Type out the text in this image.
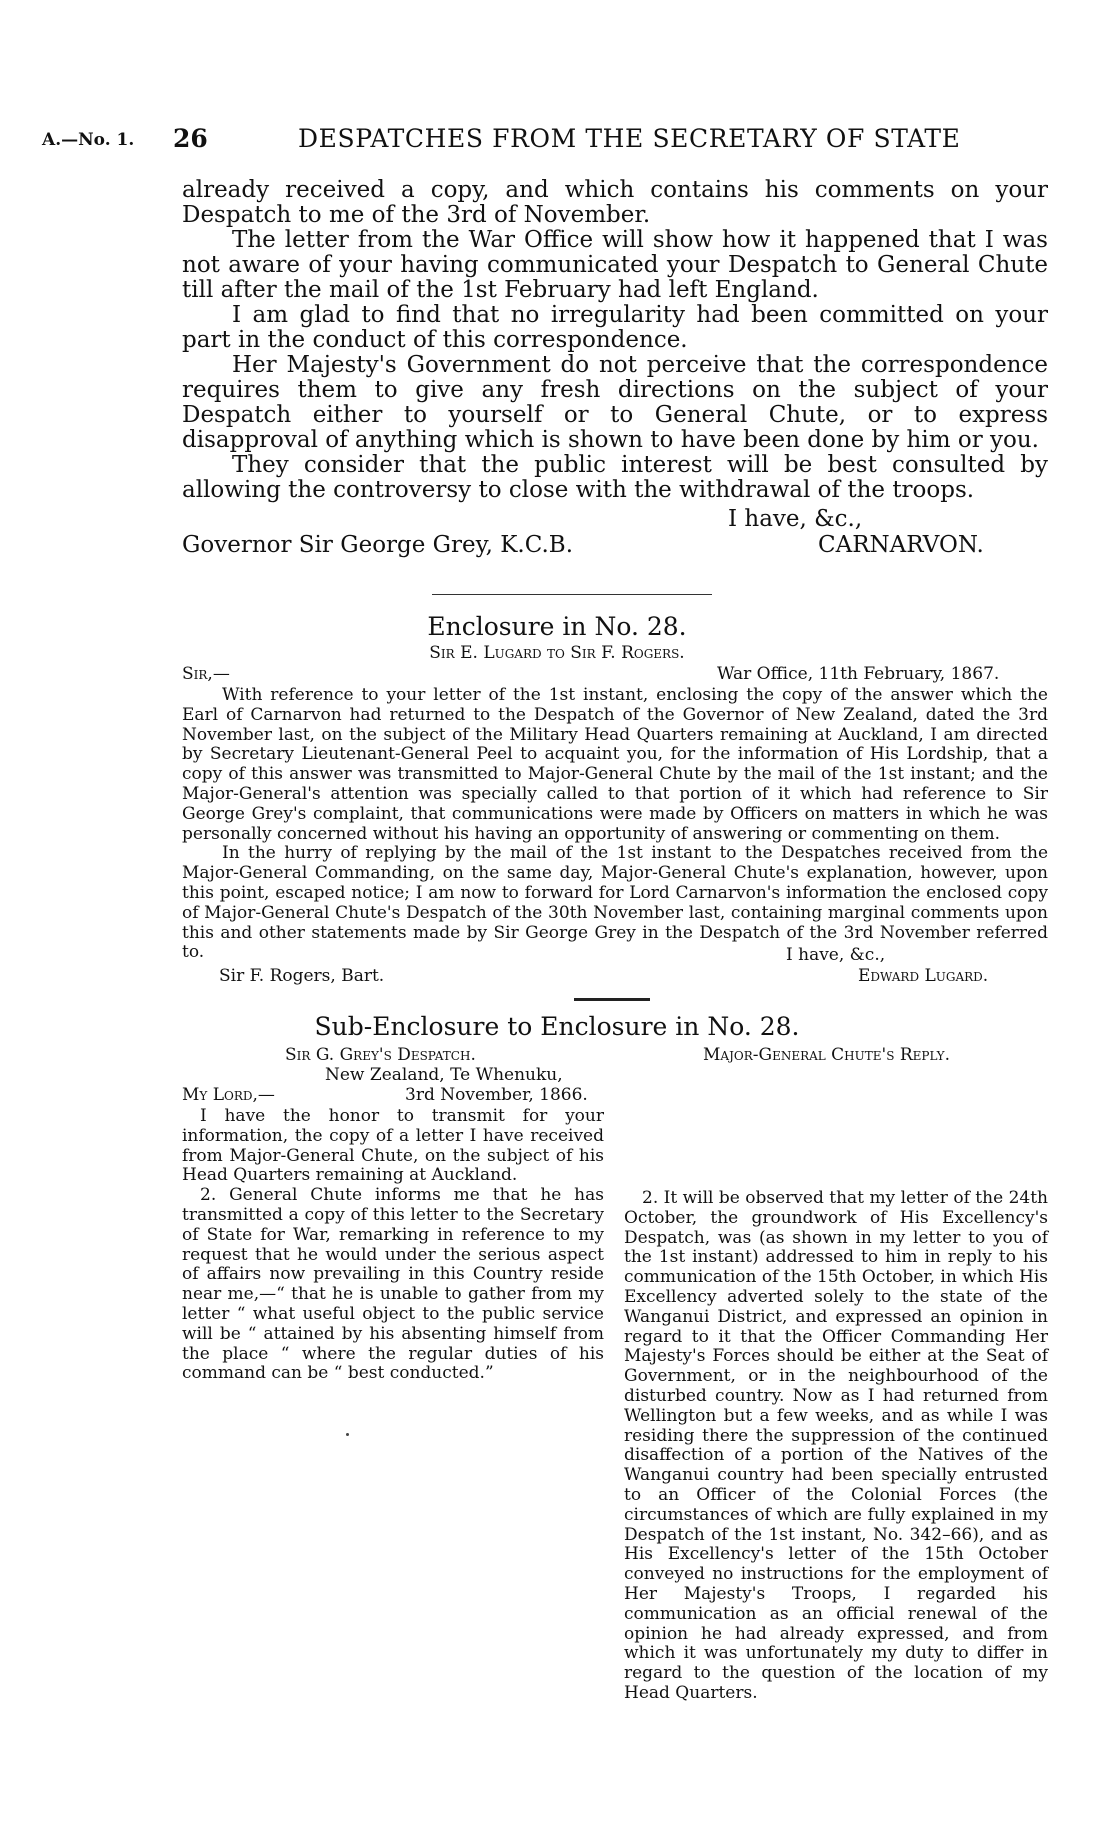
A.—No. 1. 26	DESPATCHES FROM THE SECRETARY OF STATE

already received a copy, and which contains his comments on your Despatch to me of the 3rd of November.

The letter from the War Office will show how it happened that I was not aware of your having communicated your Despatch to General Chute till after the mail of the 1st February had left England.

I am glad to find that no irregularity had been committed on your part in the conduct of this correspondence.

Her Majesty's Government do not perceive that the correspondence requires them to give any fresh directions on the subject of your Despatch either to yourself or to General Chute, or to express disapproval of anything which is shown to have been done by him or you.

They consider that the public interest will be best consulted by allowing the controversy to close with the withdrawal of the troops.

I have, &c.,
Governor Sir George Grey, K.C.B.	CARNARVON.
Enclosure in No. 28.
Sir E. Lugard to Sir F. Rogers.
Sir,—	War Office, 11th February, 1867.

With reference to your letter of the 1st instant, enclosing the copy of the answer which the Earl of Carnarvon had returned to the Despatch of the Governor of New Zealand, dated the 3rd November last, on the subject of the Military Head Quarters remaining at Auckland, I am directed by Secretary Lieutenant-General Peel to acquaint you, for the information of His Lordship, that a copy of this answer was transmitted to Major-General Chute by the mail of the 1st instant; and the Major-General's attention was specially called to that portion of it which had reference to Sir George Grey's complaint, that communications were made by Officers on matters in which he was personally concerned without his having an opportunity of answering or commenting on them.

In the hurry of replying by the mail of the 1st instant to the Despatches received from the Major-General Commanding, on the same day, Major-General Chute's explanation, however, upon this point, escaped notice; I am now to forward for Lord Carnarvon's information the enclosed copy of Major-General Chute's Despatch of the 30th November last, containing marginal comments upon this and other statements made by Sir George Grey in the Despatch of the 3rd November referred to.	I have, &c.,
Sir F. Rogers, Bart.	Edward Lugard.
Sub-Enclosure to Enclosure in No. 28.
Sir G. Grey's Despatch.	Major-General Chute's Reply.
New Zealand, Te Whenuku,
My Lord,—	3rd November, 1866.

I have the honor to transmit for your information, the copy of a letter I have received from Major-General Chute, on the subject of his Head Quarters remaining at Auckland.

2. General Chute informs me that he has transmitted a copy of this letter to the Secretary of State for War, remarking in reference to my request that he would under the serious aspect of affairs now prevailing in this Country reside near me,—“ that he is unable to gather from my letter “ what useful object to the public service will be “ attained by his absenting himself from the place “ where the regular duties of his command can be “ best conducted.”

2. It will be observed that my letter of the 24th October, the groundwork of His Excellency's Despatch, was (as shown in my letter to you of the 1st instant) addressed to him in reply to his communication of the 15th October, in which His Excellency adverted solely to the state of the Wanganui District, and expressed an opinion in regard to it that the Officer Commanding Her Majesty's Forces should be either at the Seat of Government, or in the neighbourhood of the disturbed country. Now as I had returned from Wellington but a few weeks, and as while I was residing there the suppression of the continued disaffection of a portion of the Natives of the Wanganui country had been specially entrusted to an Officer of the Colonial Forces (the circumstances of which are fully explained in my Despatch of the 1st instant, No. 342–66), and as His Excellency's letter of the 15th October conveyed no instructions for the employment of Her Majesty's Troops, I regarded his communication as an official renewal of the opinion he had already expressed, and from which it was unfortunately my duty to differ in regard to the question of the location of my Head Quarters.
